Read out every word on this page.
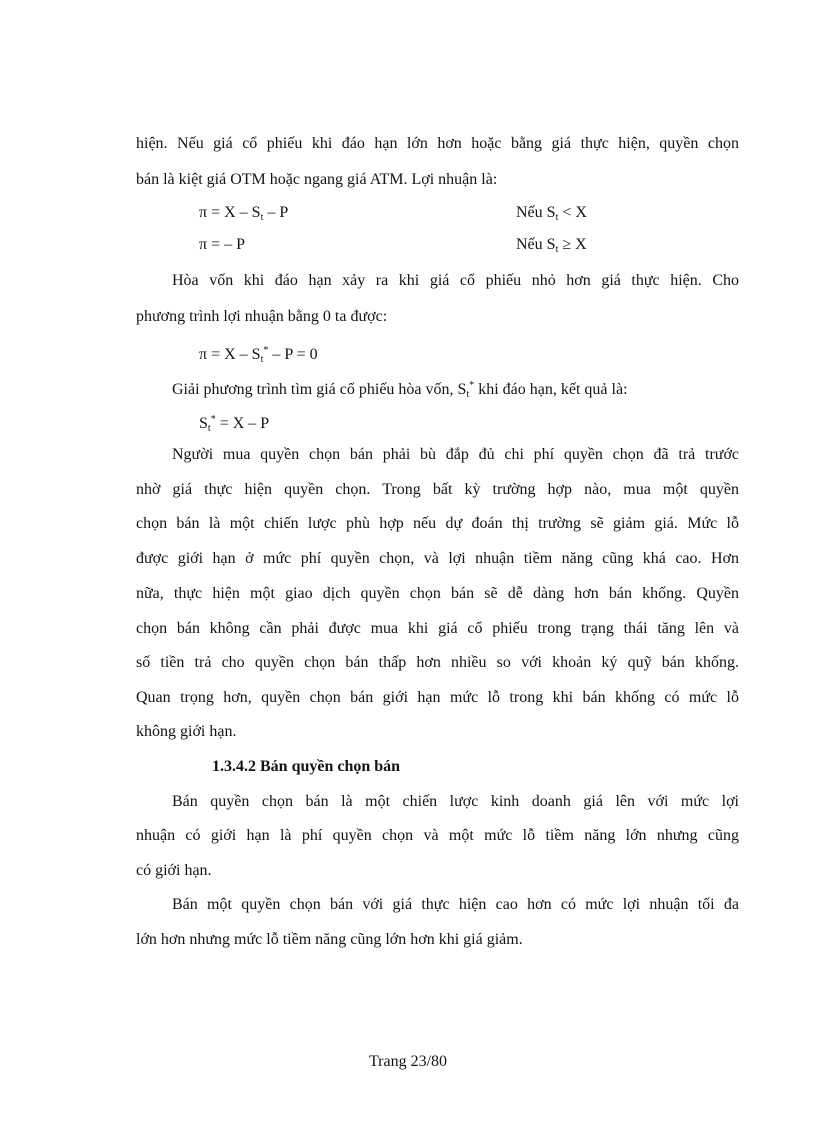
hiện. Nếu giá cổ phiếu khi đáo hạn lớn hơn hoặc bằng giá thực hiện, quyền chọn
bán là kiệt giá OTM hoặc ngang giá ATM. Lợi nhuận là:
$\pi = X - S_t - P$	Nếu $S_t < X$
π = – P	Nếu $S_t \ge X$
Hòa vốn khi đáo hạn xảy ra khi giá cổ phiếu nhỏ hơn giá thực hiện. Cho
phương trình lợi nhuận bằng 0 ta được:
$\pi = X - S_t^* - P = 0$
Giải phương trình tìm giá cổ phiếu hòa vốn, $S_t^*$ khi đáo hạn, kết quả là:
$S_t^* = X - P$
Người mua quyền chọn bán phải bù đắp đủ chi phí quyền chọn đã trả trước
nhờ giá thực hiện quyền chọn. Trong bất kỳ trường hợp nào, mua một quyền
chọn bán là một chiến lược phù hợp nếu dự đoán thị trường sẽ giảm giá. Mức lỗ
được giới hạn ở mức phí quyền chọn, và lợi nhuận tiềm năng cũng khá cao. Hơn
nữa, thực hiện một giao dịch quyền chọn bán sẽ dễ dàng hơn bán khống. Quyền
chọn bán không cần phải được mua khi giá cổ phiếu trong trạng thái tăng lên và
số tiền trả cho quyền chọn bán thấp hơn nhiều so với khoản ký quỹ bán khống.
Quan trọng hơn, quyền chọn bán giới hạn mức lỗ trong khi bán khống có mức lỗ
không giới hạn.
1.3.4.2 Bán quyền chọn bán
Bán quyền chọn bán là một chiến lược kinh doanh giá lên với mức lợi
nhuận có giới hạn là phí quyền chọn và một mức lỗ tiềm năng lớn nhưng cũng
có giới hạn.
Bán một quyền chọn bán với giá thực hiện cao hơn có mức lợi nhuận tối đa
lớn hơn nhưng mức lỗ tiềm năng cũng lớn hơn khi giá giảm.
Trang 23/80
